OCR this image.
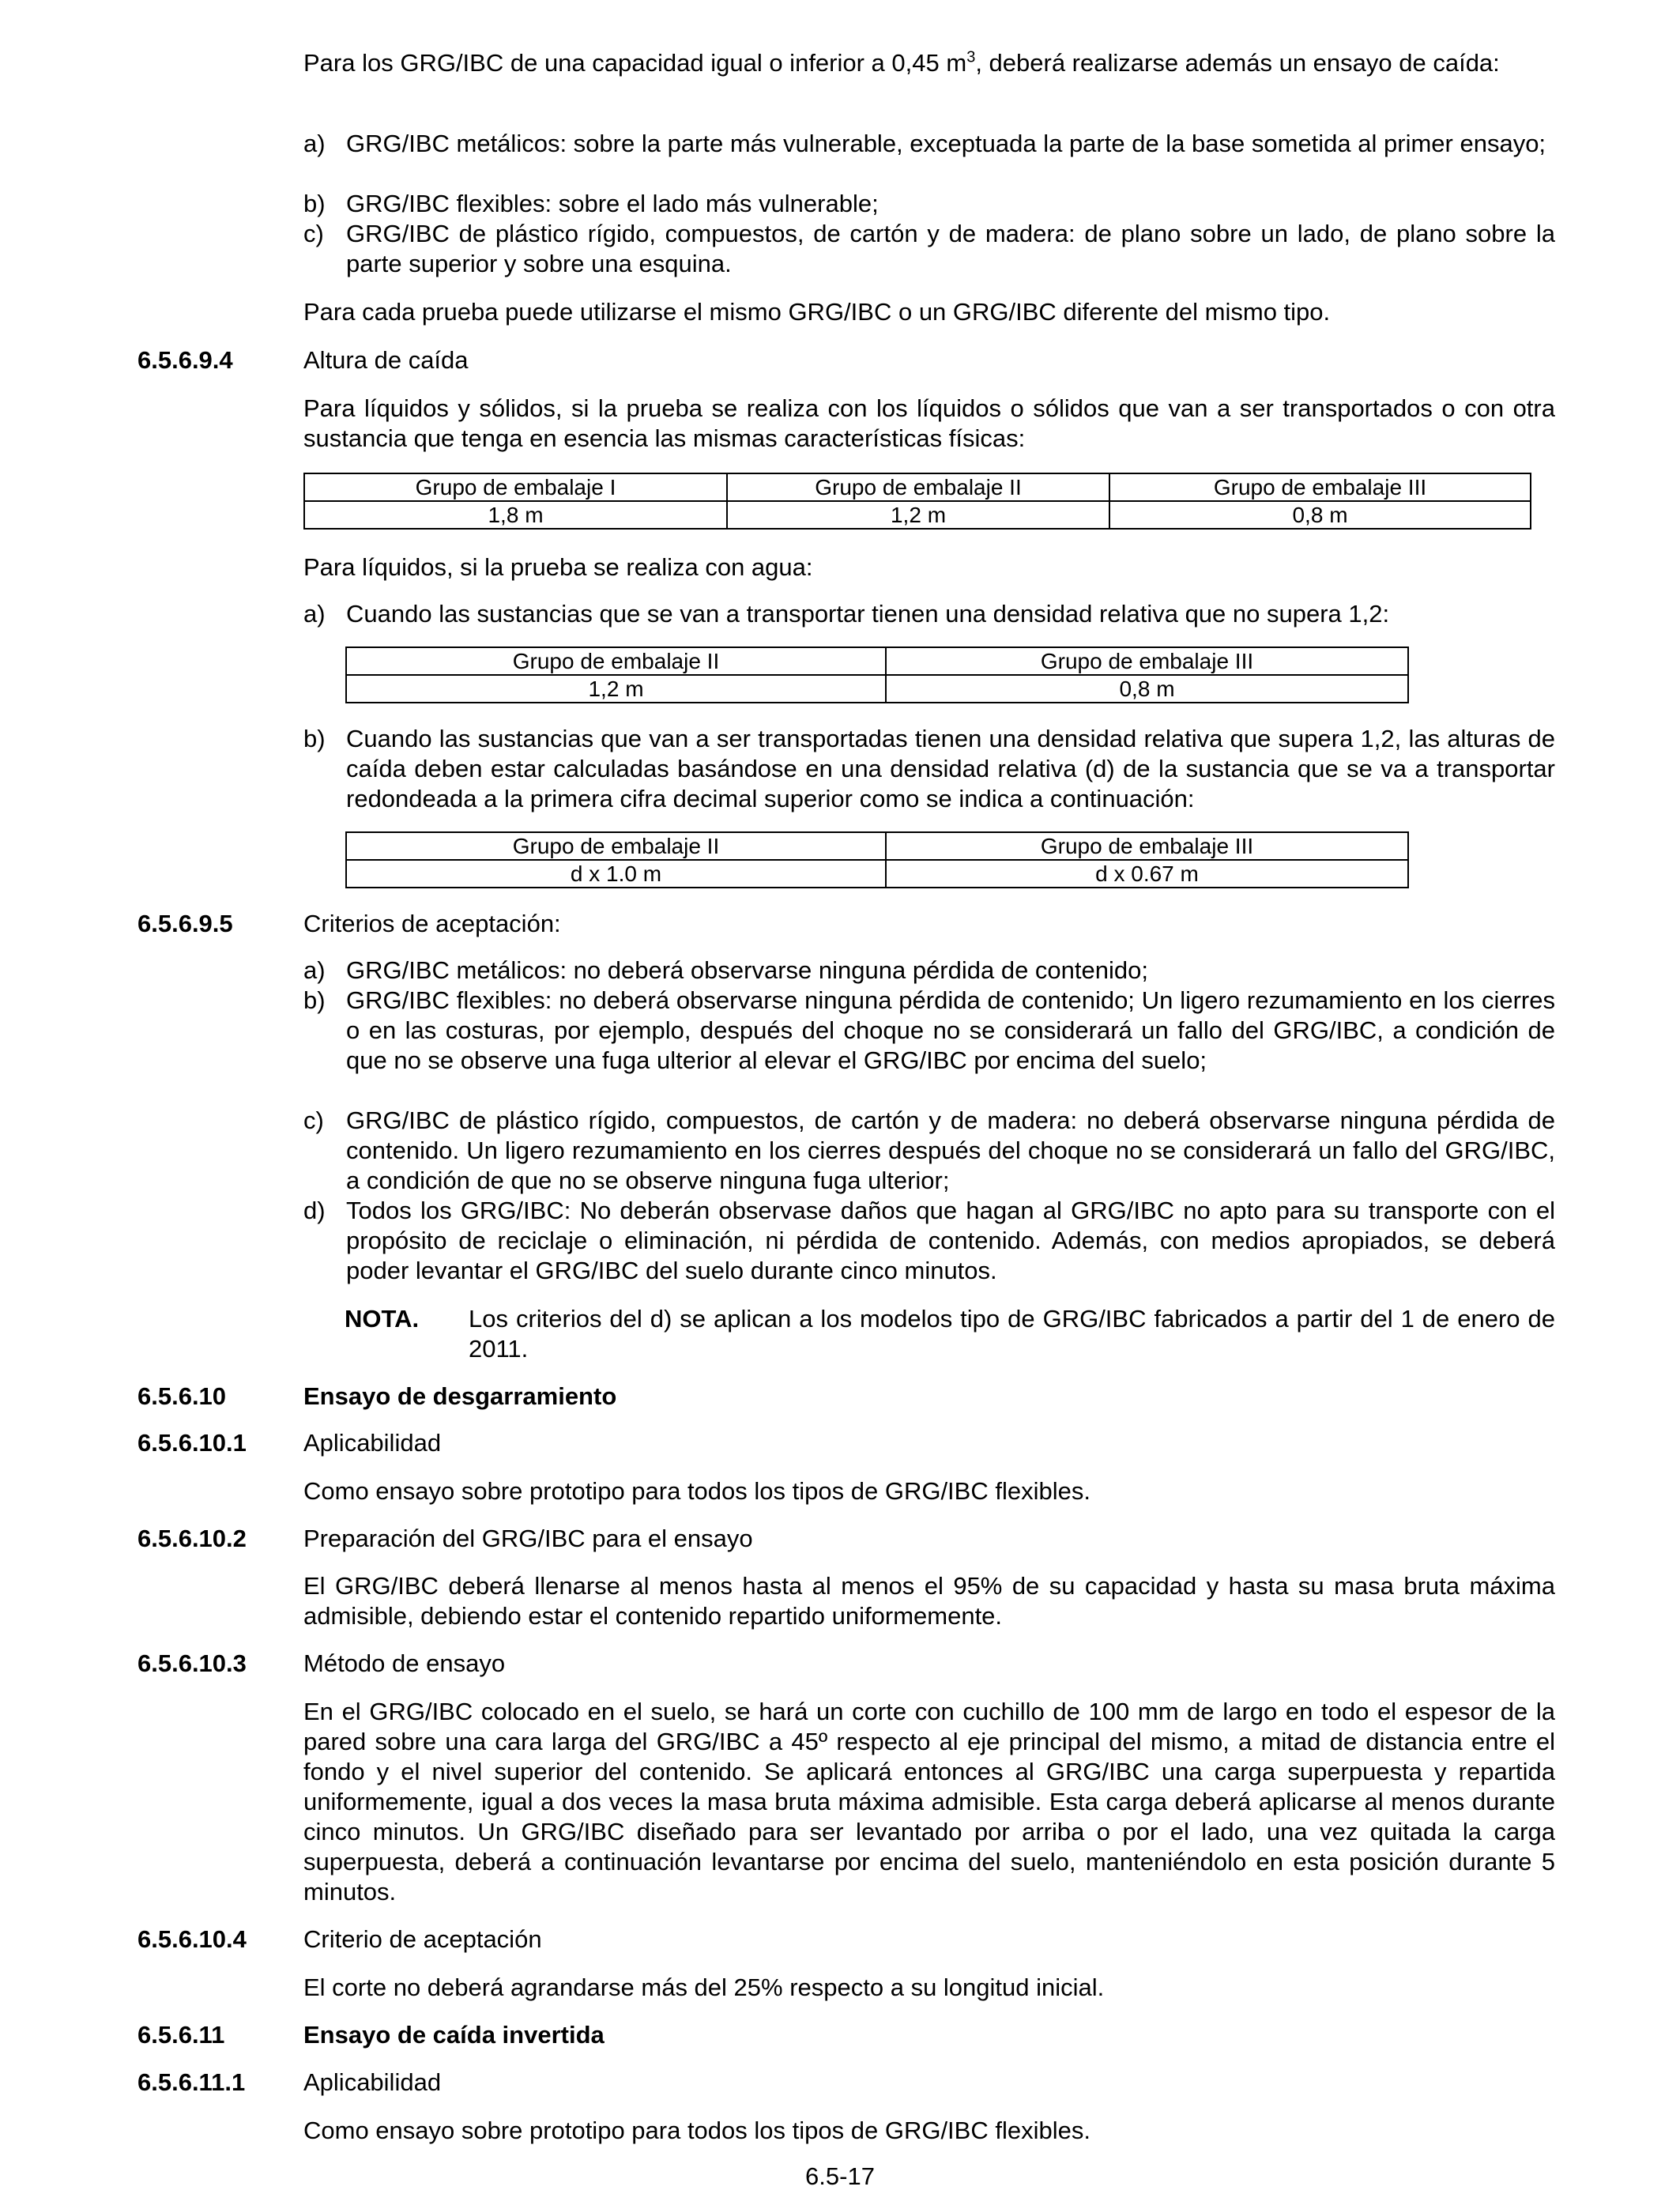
Para los GRG/IBC de una capacidad igual o inferior a 0,45 $m^3$, deberá realizarse además un ensayo de caída:
a) GRG/IBC metálicos: sobre la parte más vulnerable, exceptuada la parte de la base sometida al primer ensayo;
b) GRG/IBC flexibles: sobre el lado más vulnerable;
c) GRG/IBC de plástico rígido, compuestos, de cartón y de madera: de plano sobre un lado, de plano sobre la parte superior y sobre una esquina.
Para cada prueba puede utilizarse el mismo GRG/IBC o un GRG/IBC diferente del mismo tipo.
6.5.6.9.4	Altura de caída
Para líquidos y sólidos, si la prueba se realiza con los líquidos o sólidos que van a ser transportados o con otra sustancia que tenga en esencia las mismas características físicas:
Grupo de embalaje I	Grupo de embalaje II	Grupo de embalaje III
1,8 m	1,2 m	0,8 m
Para líquidos, si la prueba se realiza con agua:
a) Cuando las sustancias que se van a transportar tienen una densidad relativa que no supera 1,2:
Grupo de embalaje II	Grupo de embalaje III
1,2 m	0,8 m
b) Cuando las sustancias que van a ser transportadas tienen una densidad relativa que supera 1,2, las alturas de caída deben estar calculadas basándose en una densidad relativa (d) de la sustancia que se va a transportar redondeada a la primera cifra decimal superior como se indica a continuación:
Grupo de embalaje II	Grupo de embalaje III
d x 1.0 m	d x 0.67 m
6.5.6.9.5	Criterios de aceptación:
a) GRG/IBC metálicos: no deberá observarse ninguna pérdida de contenido;
b) GRG/IBC flexibles: no deberá observarse ninguna pérdida de contenido; Un ligero rezumamiento en los cierres o en las costuras, por ejemplo, después del choque no se considerará un fallo del GRG/IBC, a condición de que no se observe una fuga ulterior al elevar el GRG/IBC por encima del suelo;
c) GRG/IBC de plástico rígido, compuestos, de cartón y de madera: no deberá observarse ninguna pérdida de contenido. Un ligero rezumamiento en los cierres después del choque no se considerará un fallo del GRG/IBC, a condición de que no se observe ninguna fuga ulterior;
d) Todos los GRG/IBC: No deberán observase daños que hagan al GRG/IBC no apto para su transporte con el propósito de reciclaje o eliminación, ni pérdida de contenido. Además, con medios apropiados, se deberá poder levantar el GRG/IBC del suelo durante cinco minutos.
NOTA. Los criterios del d) se aplican a los modelos tipo de GRG/IBC fabricados a partir del 1 de enero de 2011.
6.5.6.10	Ensayo de desgarramiento
6.5.6.10.1 Aplicabilidad
Como ensayo sobre prototipo para todos los tipos de GRG/IBC flexibles.
6.5.6.10.2 Preparación del GRG/IBC para el ensayo
El GRG/IBC deberá llenarse al menos hasta al menos el 95% de su capacidad y hasta su masa bruta máxima admisible, debiendo estar el contenido repartido uniformemente.
6.5.6.10.3 Método de ensayo
En el GRG/IBC colocado en el suelo, se hará un corte con cuchillo de 100 mm de largo en todo el espesor de la pared sobre una cara larga del GRG/IBC a 45º respecto al eje principal del mismo, a mitad de distancia entre el fondo y el nivel superior del contenido. Se aplicará entonces al GRG/IBC una carga superpuesta y repartida uniformemente, igual a dos veces la masa bruta máxima admisible. Esta carga deberá aplicarse al menos durante cinco minutos. Un GRG/IBC diseñado para ser levantado por arriba o por el lado, una vez quitada la carga superpuesta, deberá a continuación levantarse por encima del suelo, manteniéndolo en esta posición durante 5 minutos.
6.5.6.10.4 Criterio de aceptación
El corte no deberá agrandarse más del 25% respecto a su longitud inicial.
6.5.6.11	Ensayo de caída invertida
6.5.6.11.1 Aplicabilidad
Como ensayo sobre prototipo para todos los tipos de GRG/IBC flexibles.
6.5-17
